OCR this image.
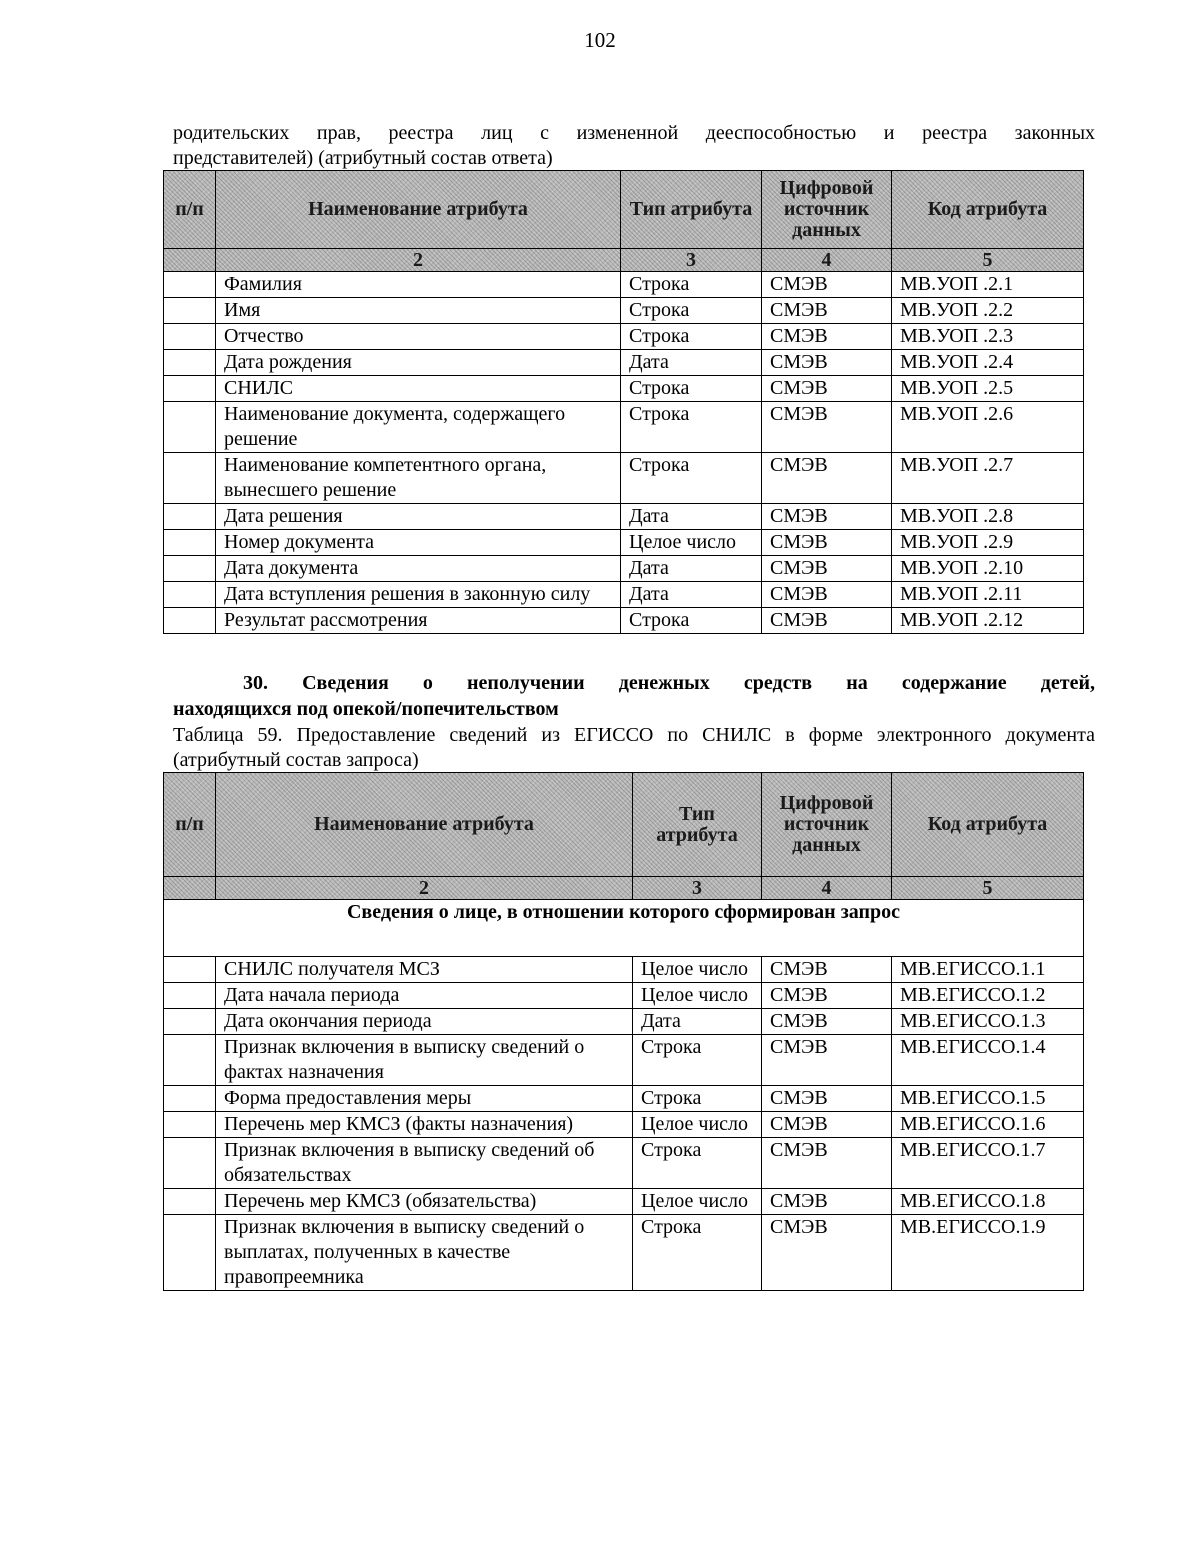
102
родительских прав, реестра лиц с измененной дееспособностью и реестра законных
представителей) (атрибутный состав ответа)
п/п	Наименование атрибута	Тип атрибута	Цифровой источник данных	Код атрибута
	2	3	4	5
	Фамилия	Строка	СМЭВ	МВ.УОП .2.1
	Имя	Строка	СМЭВ	МВ.УОП .2.2
	Отчество	Строка	СМЭВ	МВ.УОП .2.3
	Дата рождения	Дата	СМЭВ	МВ.УОП .2.4
	СНИЛС	Строка	СМЭВ	МВ.УОП .2.5
	Наименование документа, содержащего решение	Строка	СМЭВ	МВ.УОП .2.6
	Наименование компетентного органа, вынесшего решение	Строка	СМЭВ	МВ.УОП .2.7
	Дата решения	Дата	СМЭВ	МВ.УОП .2.8
	Номер документа	Целое число	СМЭВ	МВ.УОП .2.9
	Дата документа	Дата	СМЭВ	МВ.УОП .2.10
	Дата вступления решения в законную силу	Дата	СМЭВ	МВ.УОП .2.11
	Результат рассмотрения	Строка	СМЭВ	МВ.УОП .2.12
30. Сведения о неполучении денежных средств на содержание детей,
находящихся под опекой/попечительством
Таблица 59. Предоставление сведений из ЕГИССО по СНИЛС в форме электронного документа
(атрибутный состав запроса)
п/п	Наименование атрибута	Тип атрибута	Цифровой источник данных	Код атрибута
	2	3	4	5
Сведения о лице, в отношении которого сформирован запрос				
	СНИЛС получателя МСЗ	Целое число	СМЭВ	МВ.ЕГИССО.1.1
	Дата начала периода	Целое число	СМЭВ	МВ.ЕГИССО.1.2
	Дата окончания периода	Дата	СМЭВ	МВ.ЕГИССО.1.3
	Признак включения в выписку сведений о фактах назначения	Строка	СМЭВ	МВ.ЕГИССО.1.4
	Форма предоставления меры	Строка	СМЭВ	МВ.ЕГИССО.1.5
	Перечень мер КМСЗ (факты назначения)	Целое число	СМЭВ	МВ.ЕГИССО.1.6
	Признак включения в выписку сведений об обязательствах	Строка	СМЭВ	МВ.ЕГИССО.1.7
	Перечень мер КМСЗ (обязательства)	Целое число	СМЭВ	МВ.ЕГИССО.1.8
	Признак включения в выписку сведений о выплатах, полученных в качестве правопреемника	Строка	СМЭВ	МВ.ЕГИССО.1.9
